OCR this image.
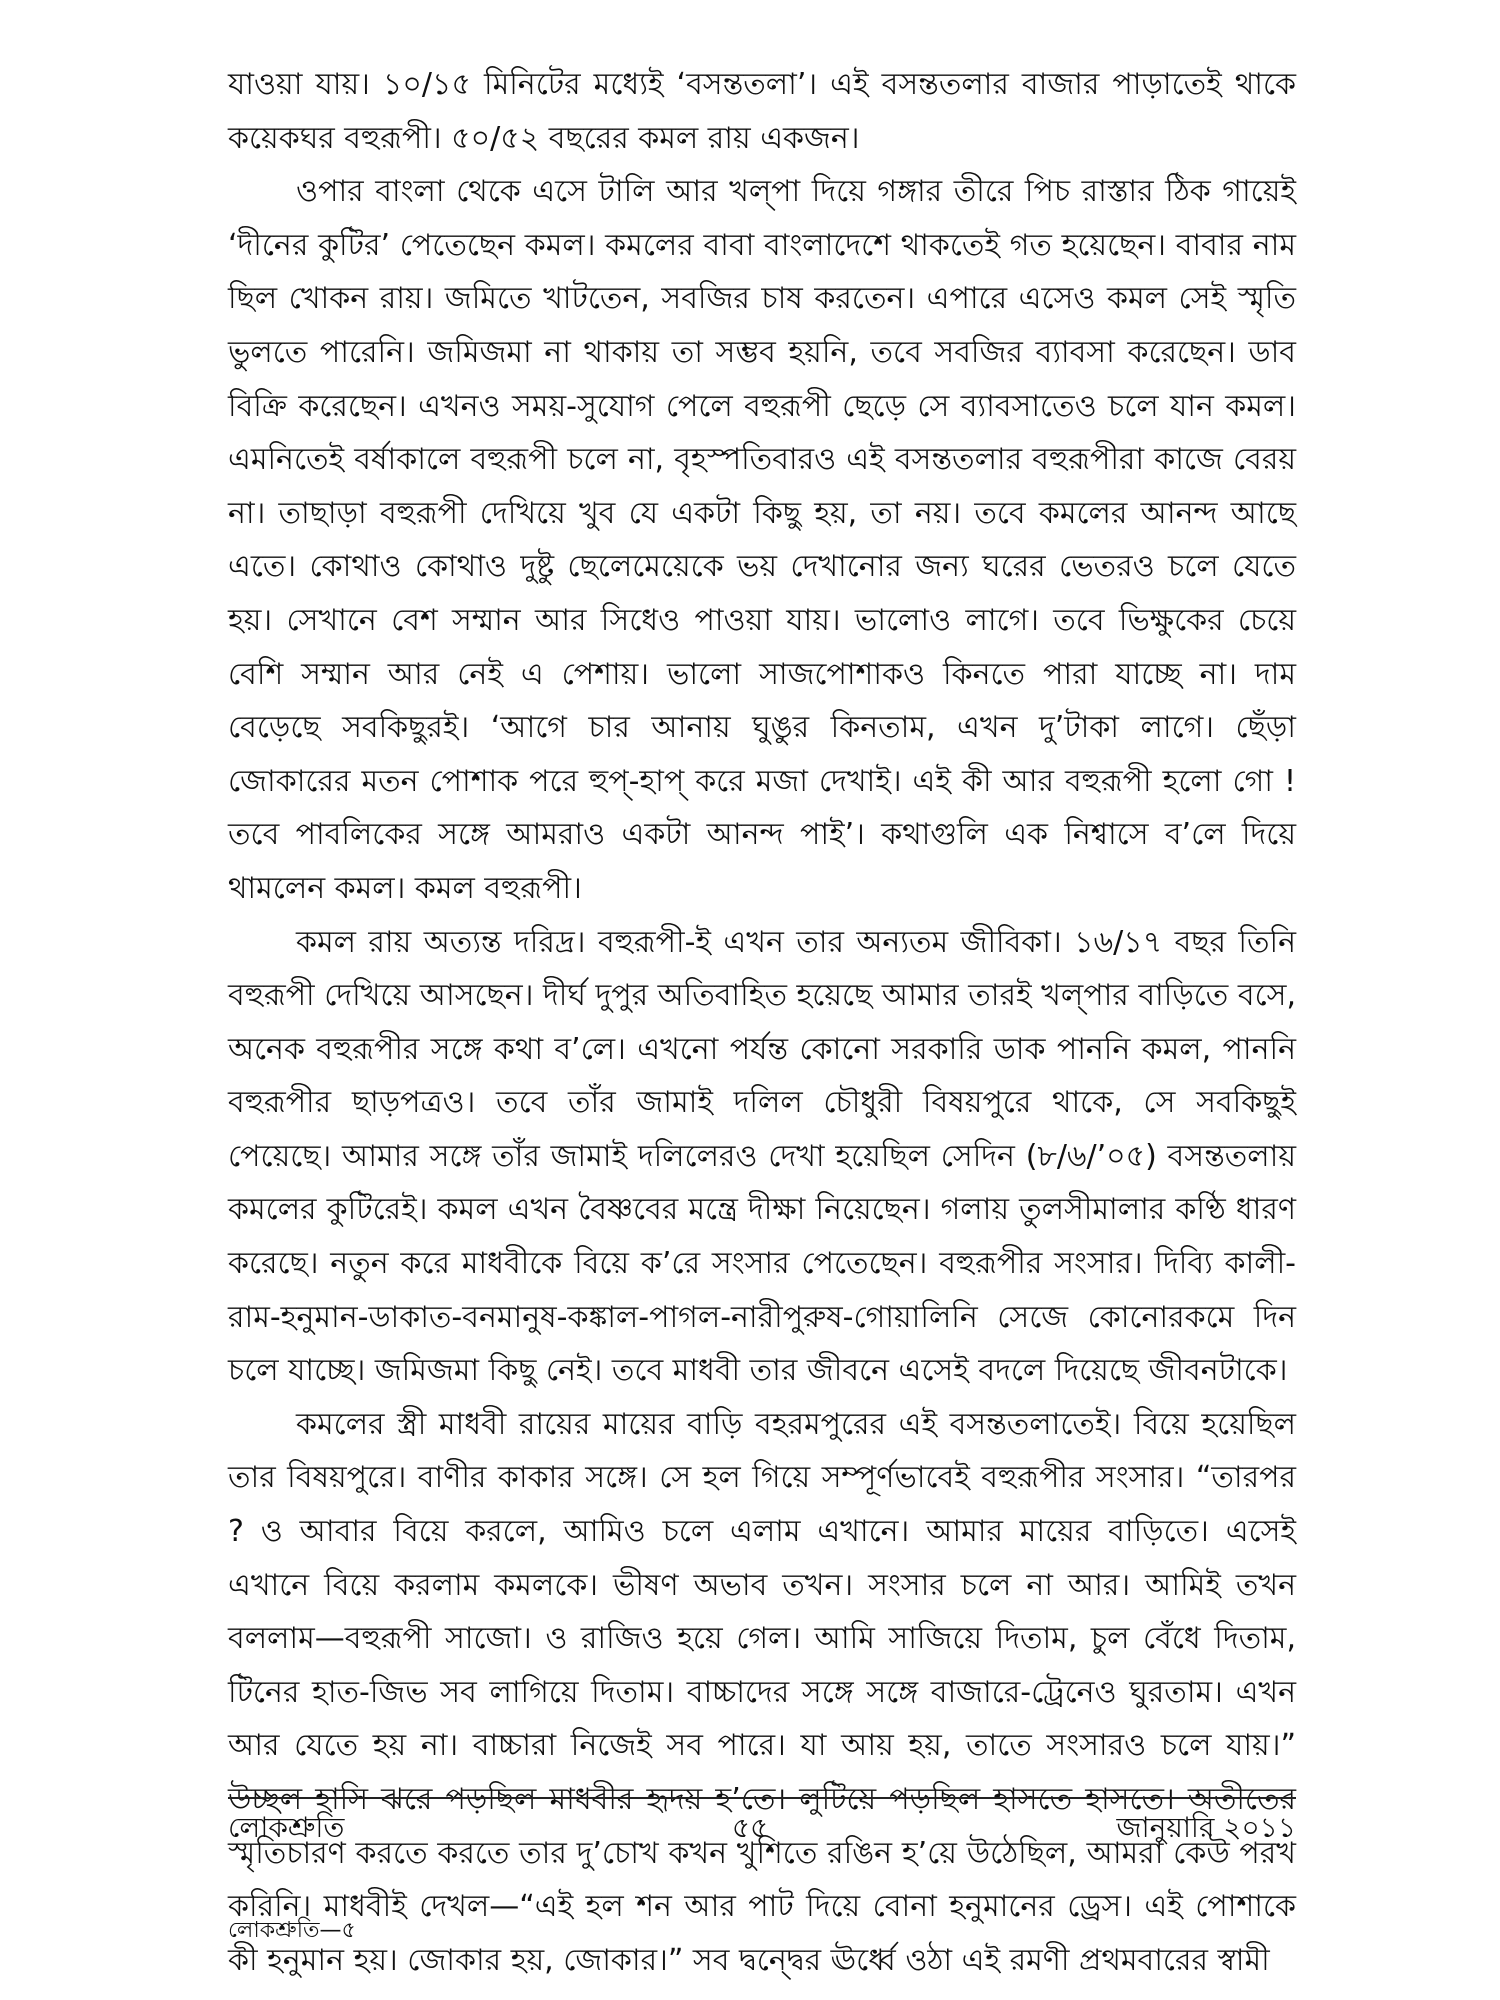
যাওয়া যায়। ১০/১৫ মিনিটের মধ্যেই ‘বসন্ততলা’। এই বসন্ততলার বাজার পাড়াতেই থাকে কয়েকঘর বহুরূপী। ৫০/৫২ বছরের কমল রায় একজন।

ওপার বাংলা থেকে এসে টালি আর খল্‌পা দিয়ে গঙ্গার তীরে পিচ রাস্তার ঠিক গায়েই ‘দীনের কুটির’ পেতেছেন কমল। কমলের বাবা বাংলাদেশে থাকতেই গত হয়েছেন। বাবার নাম ছিল খোকন রায়। জমিতে খাটতেন, সবজির চাষ করতেন। এপারে এসেও কমল সেই স্মৃতি ভুলতে পারেনি। জমিজমা না থাকায় তা সম্ভব হয়নি, তবে সবজির ব্যাবসা করেছেন। ডাব বিক্রি করেছেন। এখনও সময়-সুযোগ পেলে বহুরূপী ছেড়ে সে ব্যাবসাতেও চলে যান কমল। এমনিতেই বর্ষাকালে বহুরূপী চলে না, বৃহস্পতিবারও এই বসন্ততলার বহুরূপীরা কাজে বেরয় না। তাছাড়া বহুরূপী দেখিয়ে খুব যে একটা কিছু হয়, তা নয়। তবে কমলের আনন্দ আছে এতে। কোথাও কোথাও দুষ্টু ছেলেমেয়েকে ভয় দেখানোর জন্য ঘরের ভেতরও চলে যেতে হয়। সেখানে বেশ সম্মান আর সিধেও পাওয়া যায়। ভালোও লাগে। তবে ভিক্ষুকের চেয়ে বেশি সম্মান আর নেই এ পেশায়। ভালো সাজপোশাকও কিনতে পারা যাচ্ছে না। দাম বেড়েছে সবকিছুরই। ‘আগে চার আনায় ঘুঙুর কিনতাম, এখন দু’টাকা লাগে। ছেঁড়া জোকারের মতন পোশাক পরে হুপ্‌-হাপ্‌ করে মজা দেখাই। এই কী আর বহুরূপী হলো গো ! তবে পাবলিকের সঙ্গে আমরাও একটা আনন্দ পাই’। কথাগুলি এক নিশ্বাসে ব’লে দিয়ে থামলেন কমল। কমল বহুরূপী।

কমল রায় অত্যন্ত দরিদ্র। বহুরূপী-ই এখন তার অন্যতম জীবিকা। ১৬/১৭ বছর তিনি বহুরূপী দেখিয়ে আসছেন। দীর্ঘ দুপুর অতিবাহিত হয়েছে আমার তারই খল্‌পার বাড়িতে বসে, অনেক বহুরূপীর সঙ্গে কথা ব’লে। এখনো পর্যন্ত কোনো সরকারি ডাক পাননি কমল, পাননি বহুরূপীর ছাড়পত্রও। তবে তাঁর জামাই দলিল চৌধুরী বিষয়পুরে থাকে, সে সবকিছুই পেয়েছে। আমার সঙ্গে তাঁর জামাই দলিলেরও দেখা হয়েছিল সেদিন (৮/৬/’০৫) বসন্ততলায় কমলের কুটিরেই। কমল এখন বৈষ্ণবের মন্ত্রে দীক্ষা নিয়েছেন। গলায় তুলসীমালার কণ্ঠি ধারণ করেছে। নতুন করে মাধবীকে বিয়ে ক’রে সংসার পেতেছেন। বহুরূপীর সংসার। দিব্যি কালী-রাম-হনুমান-ডাকাত-বনমানুষ-কঙ্কাল-পাগল-নারীপুরুষ-গোয়ালিনি সেজে কোনোরকমে দিন চলে যাচ্ছে। জমিজমা কিছু নেই। তবে মাধবী তার জীবনে এসেই বদলে দিয়েছে জীবনটাকে।

কমলের স্ত্রী মাধবী রায়ের মায়ের বাড়ি বহরমপুরের এই বসন্ততলাতেই। বিয়ে হয়েছিল তার বিষয়পুরে। বাণীর কাকার সঙ্গে। সে হল গিয়ে সম্পূর্ণভাবেই বহুরূপীর সংসার। “তারপর ? ও আবার বিয়ে করলে, আমিও চলে এলাম এখানে। আমার মায়ের বাড়িতে। এসেই এখানে বিয়ে করলাম কমলকে। ভীষণ অভাব তখন। সংসার চলে না আর। আমিই তখন বললাম—বহুরূপী সাজো। ও রাজিও হয়ে গেল। আমি সাজিয়ে দিতাম, চুল বেঁধে দিতাম, টিনের হাত-জিভ সব লাগিয়ে দিতাম। বাচ্চাদের সঙ্গে সঙ্গে বাজারে-ট্রেনেও ঘুরতাম। এখন আর যেতে হয় না। বাচ্চারা নিজেই সব পারে। যা আয় হয়, তাতে সংসারও চলে যায়।” উচ্ছল হাসি ঝরে পড়ছিল মাধবীর হৃদয় হ’তে। লুটিয়ে পড়ছিল হাসতে হাসতে। অতীতের স্মৃতিচারণ করতে করতে তার দু’চোখ কখন খুশিতে রঙিন হ’য়ে উঠেছিল, আমরা কেউ পরখ করিনি। মাধবীই দেখল—“এই হল শন আর পাট দিয়ে বোনা হনুমানের ড্রেস। এই পোশাকে কী হনুমান হয়। জোকার হয়, জোকার।” সব দ্বন্দ্বের ঊর্ধ্বে ওঠা এই রমণী প্রথমবারের স্বামী

লোকশ্রুতি	৫৫	জানুয়ারি ২০১১
লোকশ্রুতি—৫
